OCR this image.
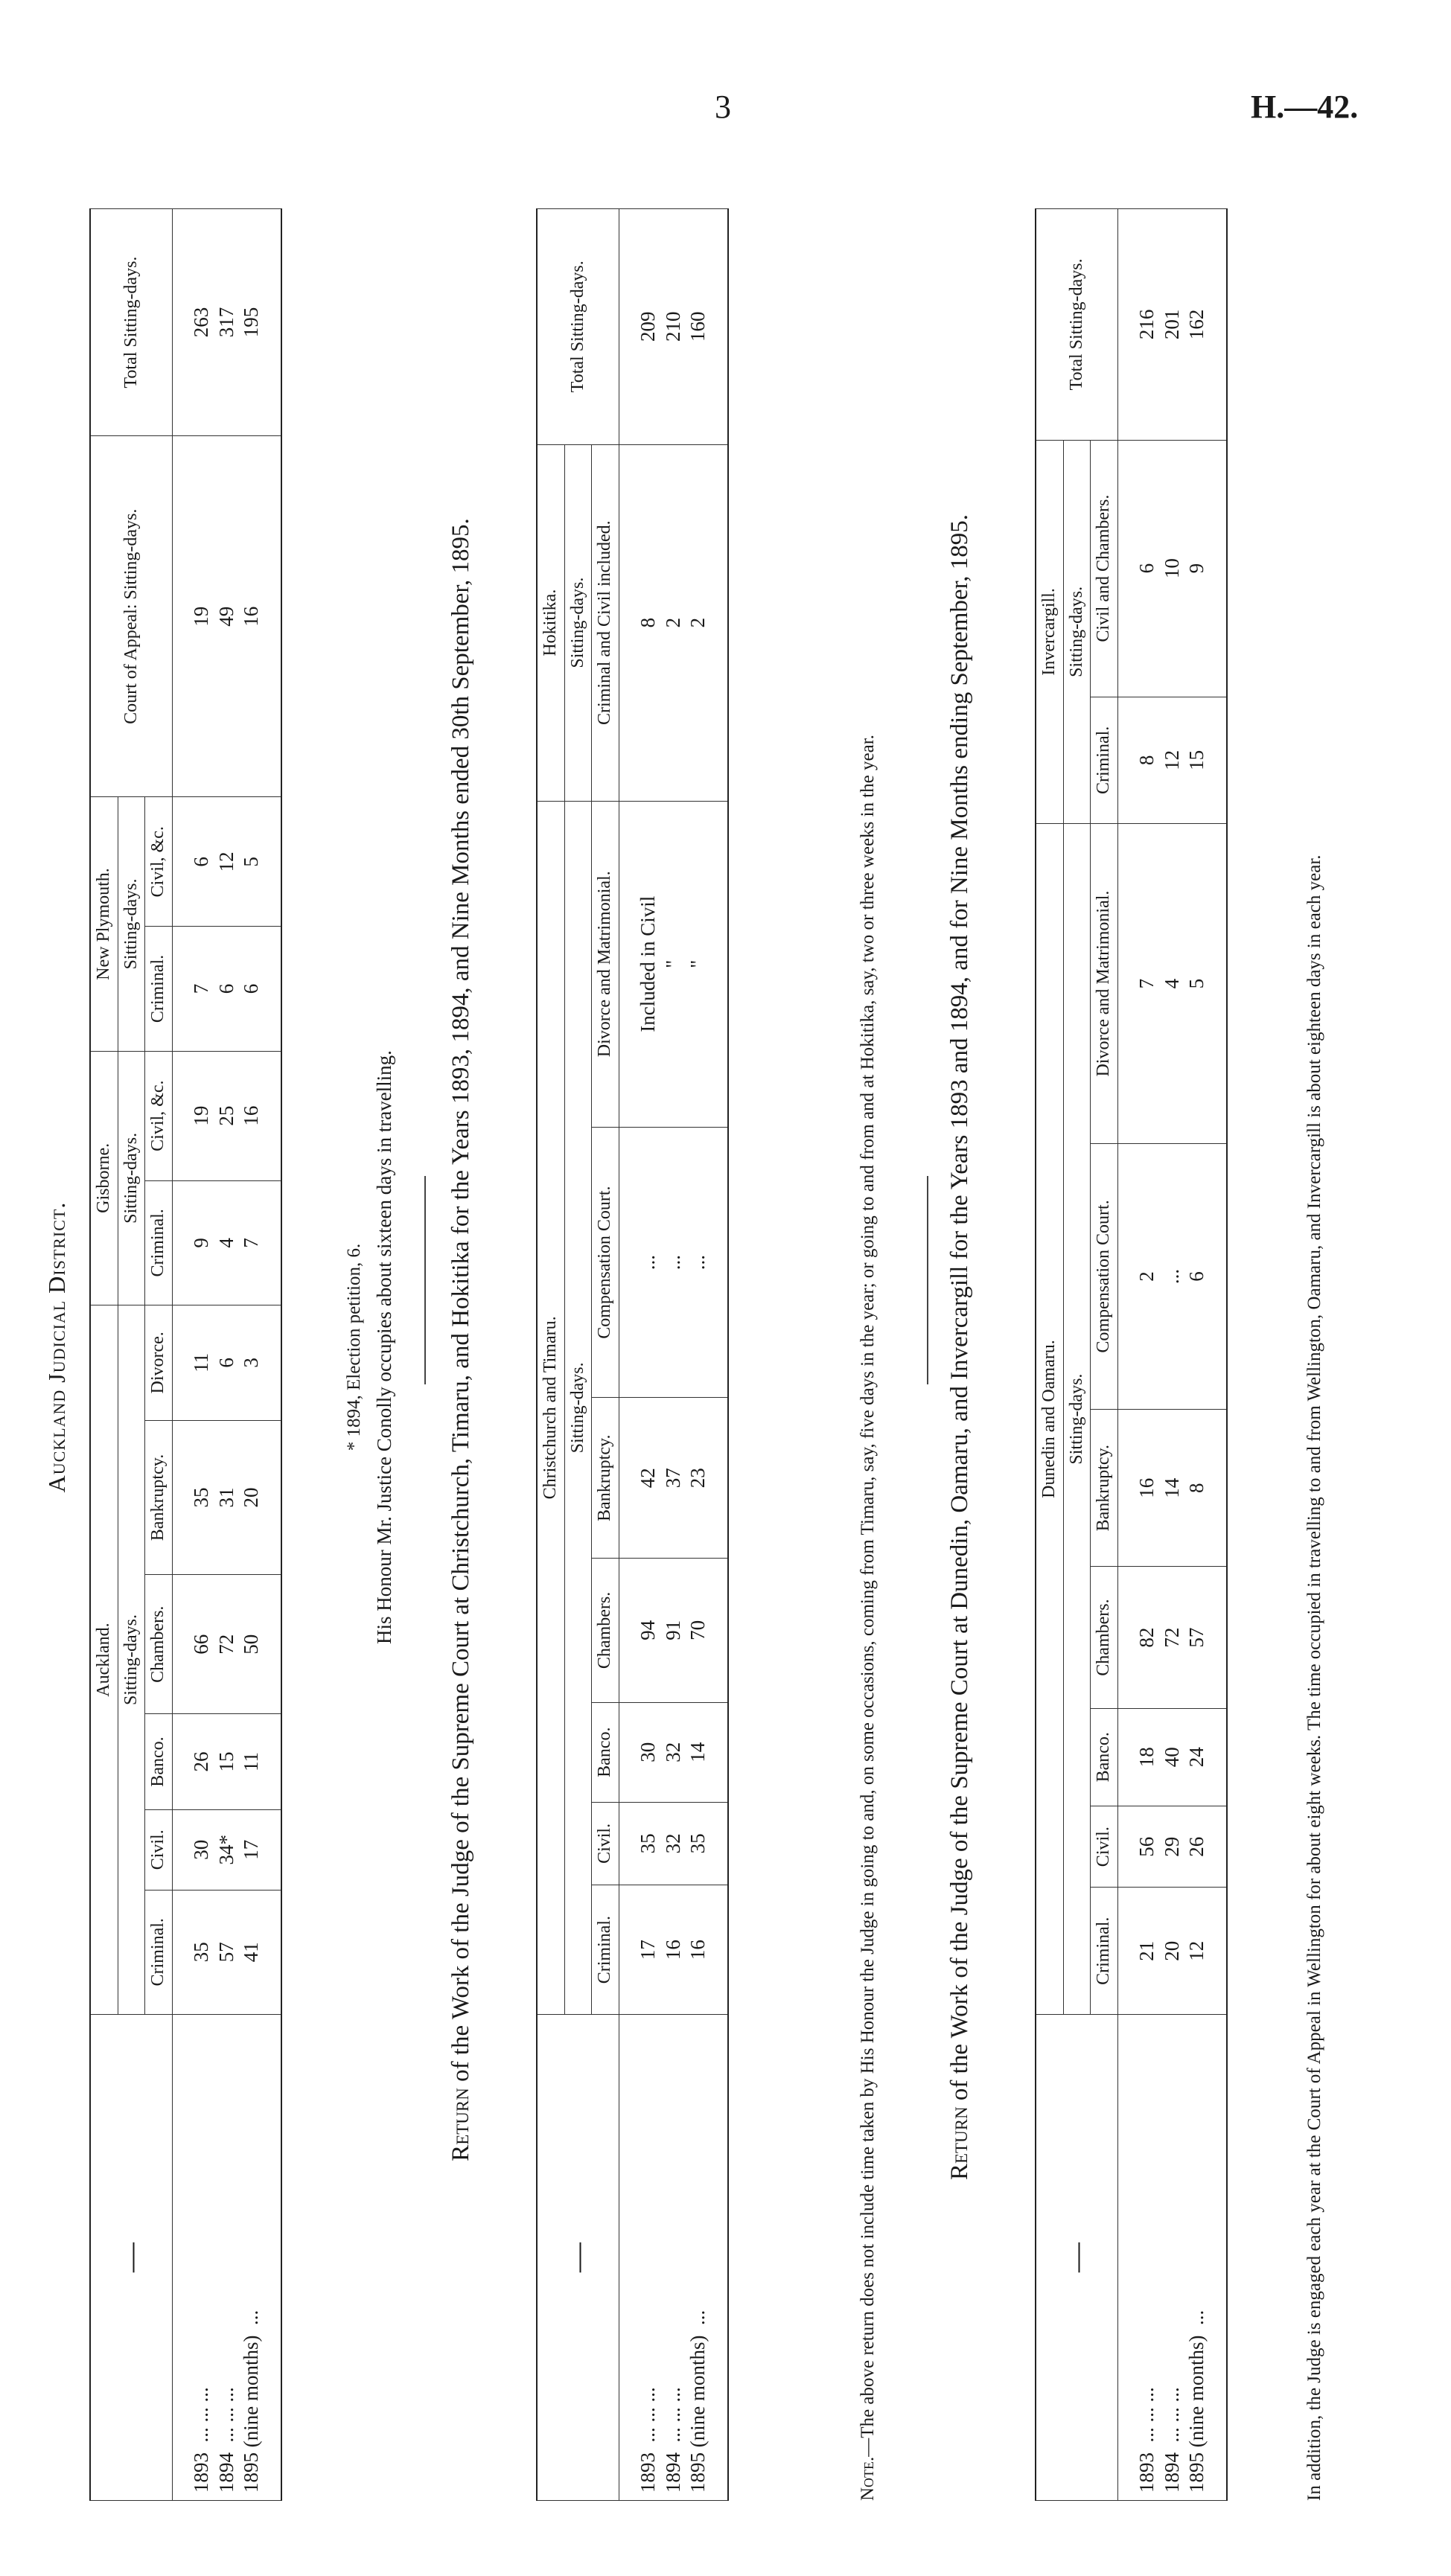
3	H.—42.
Auckland Judicial District.
—	Auckland.						Gisborne.		New Plymouth.		Court of Appeal: Sitting-days.	Total Sitting-days.
	Sitting-days.						Sitting-days.		Sitting-days.			
	Criminal.	Civil.	Banco.	Chambers.	Bankruptcy.	Divorce.	Criminal.	Civil, &c.	Criminal.	Civil, &c.		
1893  ... ... ...	35	30	26	66	35	11	9	19	7	6	19	263
1894  ... ... ...	57	34*	15	72	31	6	4	25	6	12	49	317
1895 (nine months)  ...	41	17	11	50	20	3	7	16	6	5	16	195
* 1894, Election petition, 6. His Honour Mr. Justice Conolly occupies about sixteen days in travelling.
Return of the Work of the Judge of the Supreme Court at Christchurch, Timaru, and Hokitika for the Years 1893, 1894, and Nine Months ended 30th September, 1895.
—	Christchurch and Timaru.							Hokitika.	Total Sitting-days.
	Sitting-days.							Sitting-days.	
	Criminal.	Civil.	Banco.	Chambers.	Bankruptcy.	Compensation Court.	Divorce and Matrimonial.	Criminal and Civil included.	
1893  ... ... ...	17	35	30	94	42	...	Included in Civil	8	209
1894  ... ... ...	16	32	32	91	37	...	"	2	210
1895 (nine months)  ...	16	35	14	70	23	...	"	2	160
Note.—The above return does not include time taken by His Honour the Judge in going to and, on some occasions, coming from Timaru, say, five days in the year; or going to and from and at Hokitika, say, two or three weeks in the year.	Return of the Work of the Judge of the Supreme Court at Dunedin, Oamaru, and Invercargill for the Years 1893 and 1894, and for Nine Months ending September, 1895.
—	Dunedin and Oamaru.							Invercargill.		Total Sitting-days.
	Sitting-days.							Sitting-days.		
	Criminal.	Civil.	Banco.	Chambers.	Bankruptcy.	Compensation Court.	Divorce and Matrimonial.	Criminal.	Civil and Chambers.	
1893  ... ... ...	21	56	18	82	16	2	7	8	6	216
1894  ... ... ...	20	29	40	72	14	...	4	12	10	201
1895 (nine months)  ...	12	26	24	57	8	6	5	15	9	162
In addition, the Judge is engaged each year at the Court of Appeal in Wellington for about eight weeks. The time occupied in travelling to and from Wellington, Oamaru, and Invercargill is about eighteen days in each year.
